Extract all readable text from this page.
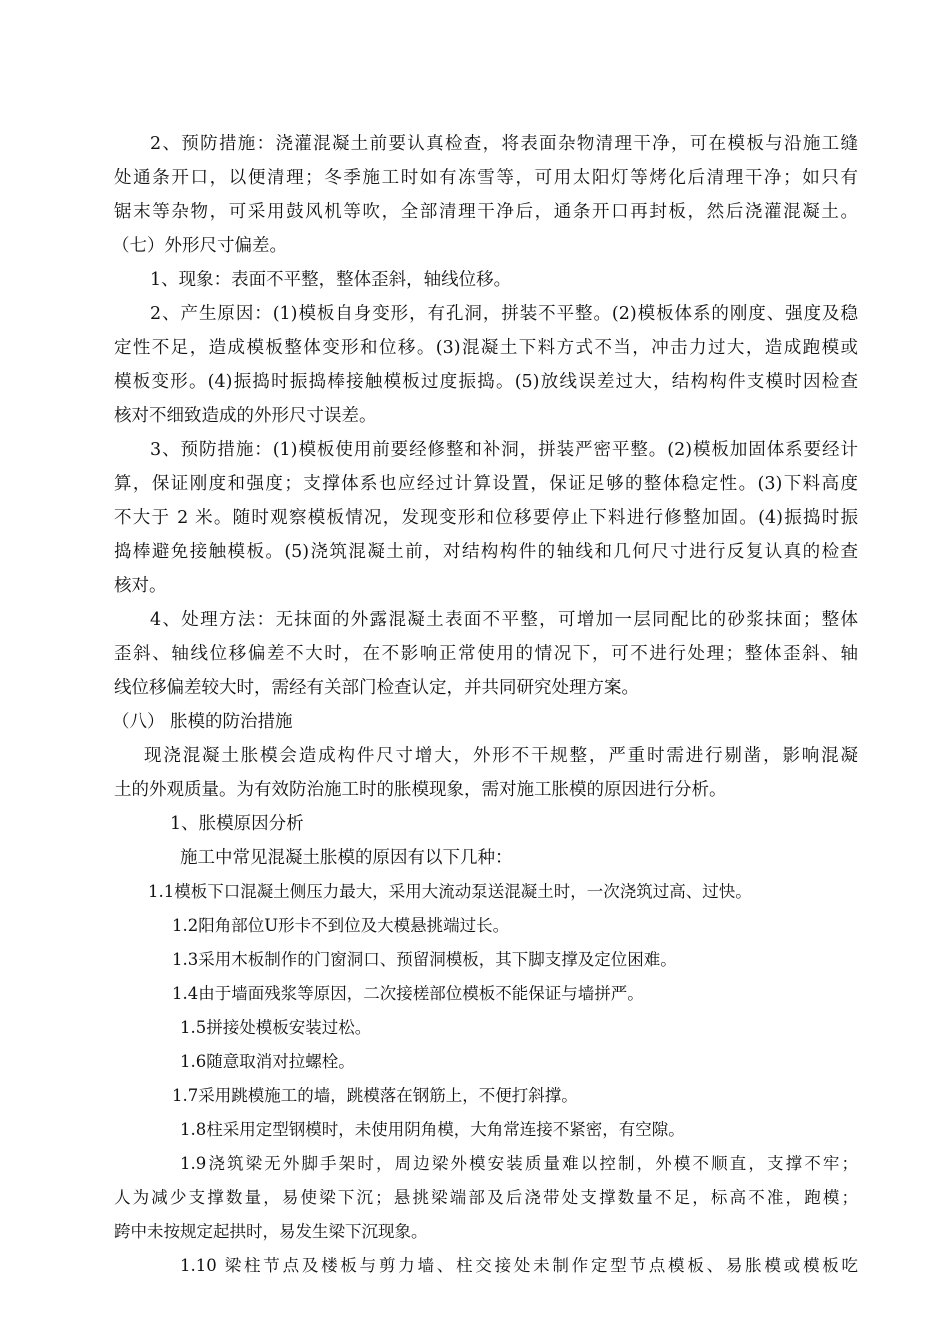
2、预防措施：浇灌混凝土前要认真检查，将表面杂物清理干净，可在模板与沿施工缝
处通条开口，以便清理；冬季施工时如有冻雪等，可用太阳灯等烤化后清理干净；如只有
锯末等杂物，可采用鼓风机等吹，全部清理干净后，通条开口再封板，然后浇灌混凝土。
（七）外形尺寸偏差。
1、现象：表面不平整，整体歪斜，轴线位移。
2、产生原因：(1)模板自身变形，有孔洞，拼装不平整。(2)模板体系的刚度、强度及稳
定性不足，造成模板整体变形和位移。(3)混凝土下料方式不当，冲击力过大，造成跑模或
模板变形。(4)振捣时振捣棒接触模板过度振捣。(5)放线误差过大，结构构件支模时因检查
核对不细致造成的外形尺寸误差。
3、预防措施：(1)模板使用前要经修整和补洞，拼装严密平整。(2)模板加固体系要经计
算，保证刚度和强度；支撑体系也应经过计算设置，保证足够的整体稳定性。(3)下料高度
不大于 2 米。随时观察模板情况，发现变形和位移要停止下料进行修整加固。(4)振捣时振
捣棒避免接触模板。(5)浇筑混凝土前，对结构构件的轴线和几何尺寸进行反复认真的检查
核对。
4、处理方法：无抹面的外露混凝土表面不平整，可增加一层同配比的砂浆抹面；整体
歪斜、轴线位移偏差不大时，在不影响正常使用的情况下，可不进行处理；整体歪斜、轴
线位移偏差较大时，需经有关部门检查认定，并共同研究处理方案。
（八） 胀模的防治措施
现浇混凝土胀模会造成构件尺寸增大，外形不干规整，严重时需进行剔凿，影响混凝
土的外观质量。为有效防治施工时的胀模现象，需对施工胀模的原因进行分析。
1、胀模原因分析
施工中常见混凝土胀模的原因有以下几种：
1.1模板下口混凝土侧压力最大，采用大流动泵送混凝土时，一次浇筑过高、过快。
1.2阳角部位U形卡不到位及大模悬挑端过长。
1.3采用木板制作的门窗洞口、预留洞模板，其下脚支撑及定位困难。
1.4由于墙面残浆等原因，二次接槎部位模板不能保证与墙拼严。
1.5拼接处模板安装过松。
1.6随意取消对拉螺栓。
1.7采用跳模施工的墙，跳模落在钢筋上，不便打斜撑。
1.8柱采用定型钢模时，未使用阴角模，大角常连接不紧密，有空隙。
1.9浇筑梁无外脚手架时，周边梁外模安装质量难以控制，外模不顺直，支撑不牢；
人为减少支撑数量，易使梁下沉；悬挑梁端部及后浇带处支撑数量不足，标高不准，跑模；
跨中未按规定起拱时，易发生梁下沉现象。
1.10 梁柱节点及楼板与剪力墙、柱交接处未制作定型节点模板、易胀模或模板吃
